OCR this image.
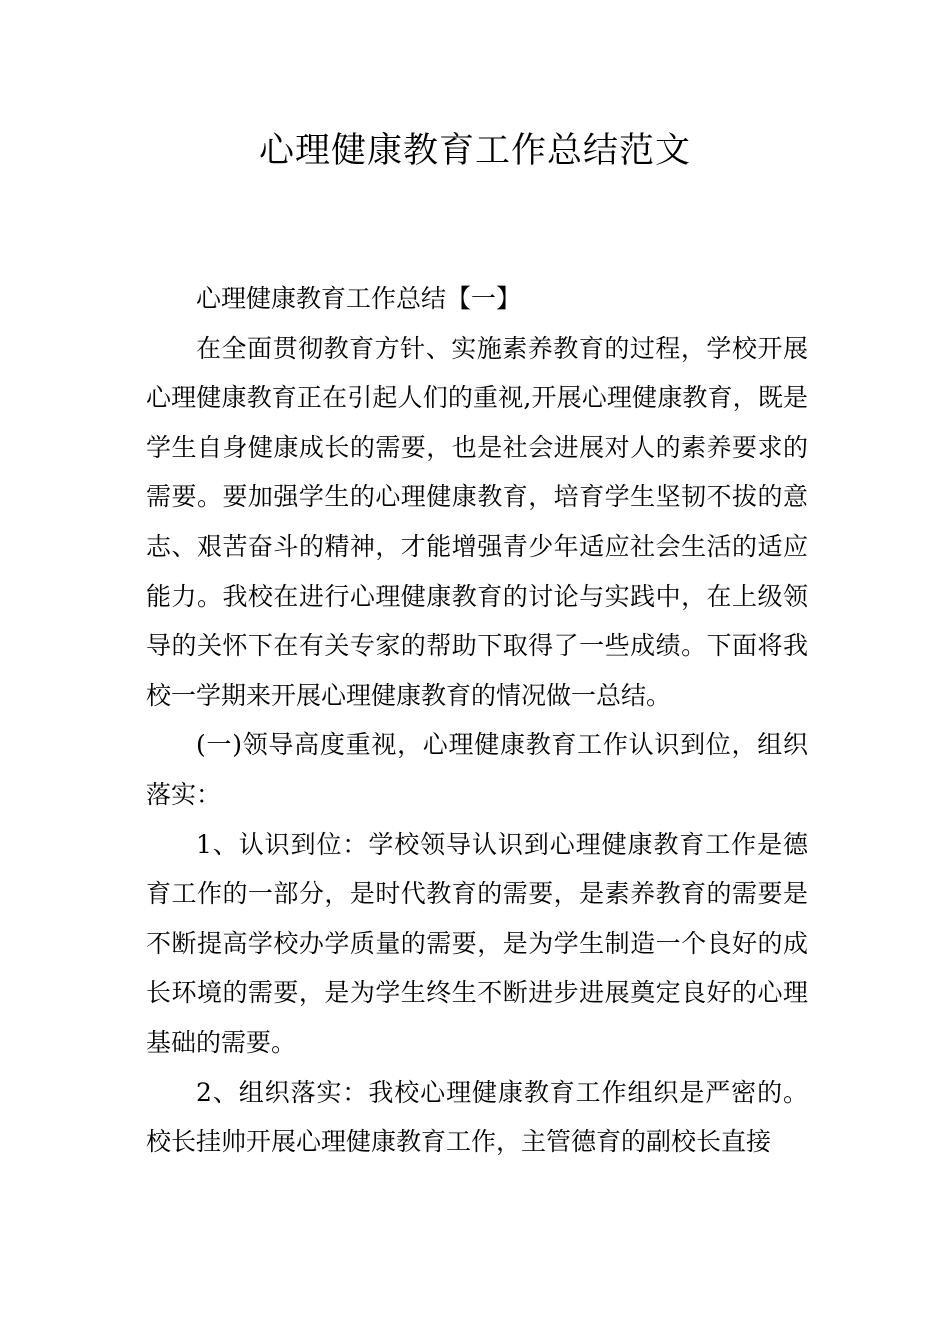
心理健康教育工作总结范文

心理健康教育工作总结【一】

在全面贯彻教育方针、实施素养教育的过程，学校开展心理健康教育正在引起人们的重视,开展心理健康教育，既是学生自身健康成长的需要，也是社会进展对人的素养要求的需要。要加强学生的心理健康教育，培育学生坚韧不拔的意志、艰苦奋斗的精神，才能增强青少年适应社会生活的适应能力。我校在进行心理健康教育的讨论与实践中，在上级领导的关怀下在有关专家的帮助下取得了一些成绩。下面将我校一学期来开展心理健康教育的情况做一总结。

(一)领导高度重视，心理健康教育工作认识到位，组织落实：

1、认识到位：学校领导认识到心理健康教育工作是德育工作的一部分，是时代教育的需要，是素养教育的需要是不断提高学校办学质量的需要，是为学生制造一个良好的成长环境的需要，是为学生终生不断进步进展奠定良好的心理基础的需要。

2、组织落实：我校心理健康教育工作组织是严密的。校长挂帅开展心理健康教育工作，主管德育的副校长直接
